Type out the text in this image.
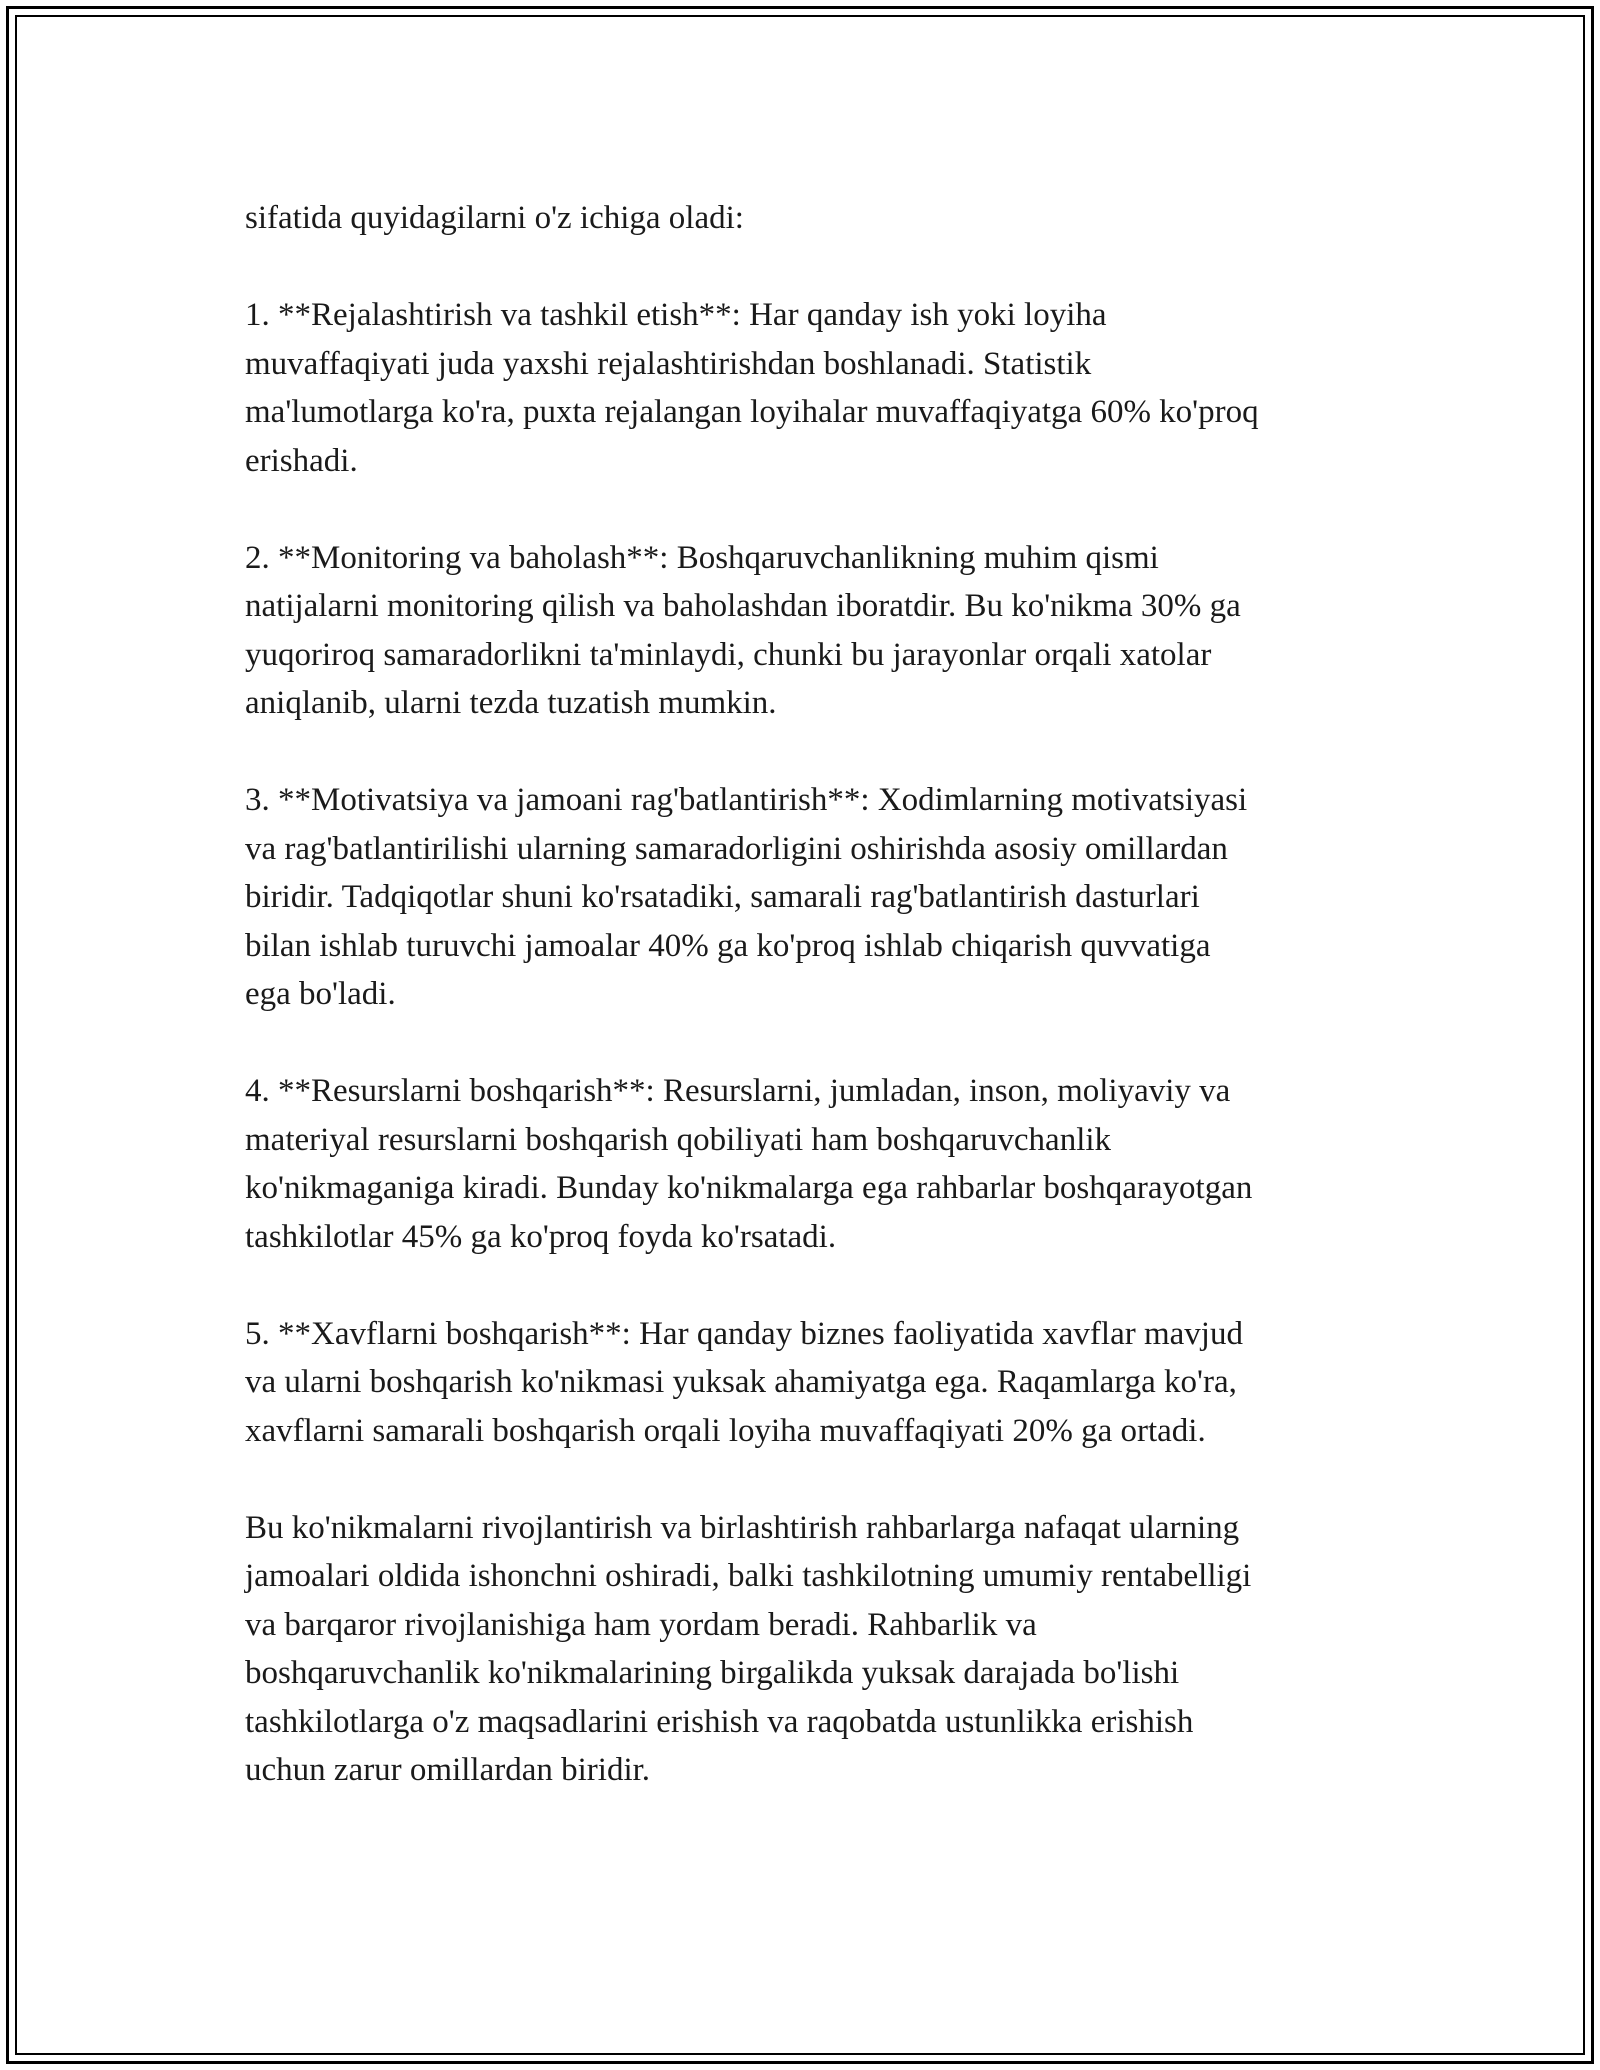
sifatida quyidagilarni o'z ichiga oladi:

1. **Rejalashtirish va tashkil etish**: Har qanday ish yoki loyiha
muvaffaqiyati juda yaxshi rejalashtirishdan boshlanadi. Statistik
ma'lumotlarga ko'ra, puxta rejalangan loyihalar muvaffaqiyatga 60% ko'proq
erishadi.

2. **Monitoring va baholash**: Boshqaruvchanlikning muhim qismi
natijalarni monitoring qilish va baholashdan iboratdir. Bu ko'nikma 30% ga
yuqoriroq samaradorlikni ta'minlaydi, chunki bu jarayonlar orqali xatolar
aniqlanib, ularni tezda tuzatish mumkin.

3. **Motivatsiya va jamoani rag'batlantirish**: Xodimlarning motivatsiyasi
va rag'batlantirilishi ularning samaradorligini oshirishda asosiy omillardan
biridir. Tadqiqotlar shuni ko'rsatadiki, samarali rag'batlantirish dasturlari
bilan ishlab turuvchi jamoalar 40% ga ko'proq ishlab chiqarish quvvatiga
ega bo'ladi.

4. **Resurslarni boshqarish**: Resurslarni, jumladan, inson, moliyaviy va
materiyal resurslarni boshqarish qobiliyati ham boshqaruvchanlik
ko'nikmaganiga kiradi. Bunday ko'nikmalarga ega rahbarlar boshqarayotgan
tashkilotlar 45% ga ko'proq foyda ko'rsatadi.

5. **Xavflarni boshqarish**: Har qanday biznes faoliyatida xavflar mavjud
va ularni boshqarish ko'nikmasi yuksak ahamiyatga ega. Raqamlarga ko'ra,
xavflarni samarali boshqarish orqali loyiha muvaffaqiyati 20% ga ortadi.

Bu ko'nikmalarni rivojlantirish va birlashtirish rahbarlarga nafaqat ularning
jamoalari oldida ishonchni oshiradi, balki tashkilotning umumiy rentabelligi
va barqaror rivojlanishiga ham yordam beradi. Rahbarlik va
boshqaruvchanlik ko'nikmalarining birgalikda yuksak darajada bo'lishi
tashkilotlarga o'z maqsadlarini erishish va raqobatda ustunlikka erishish
uchun zarur omillardan biridir.
